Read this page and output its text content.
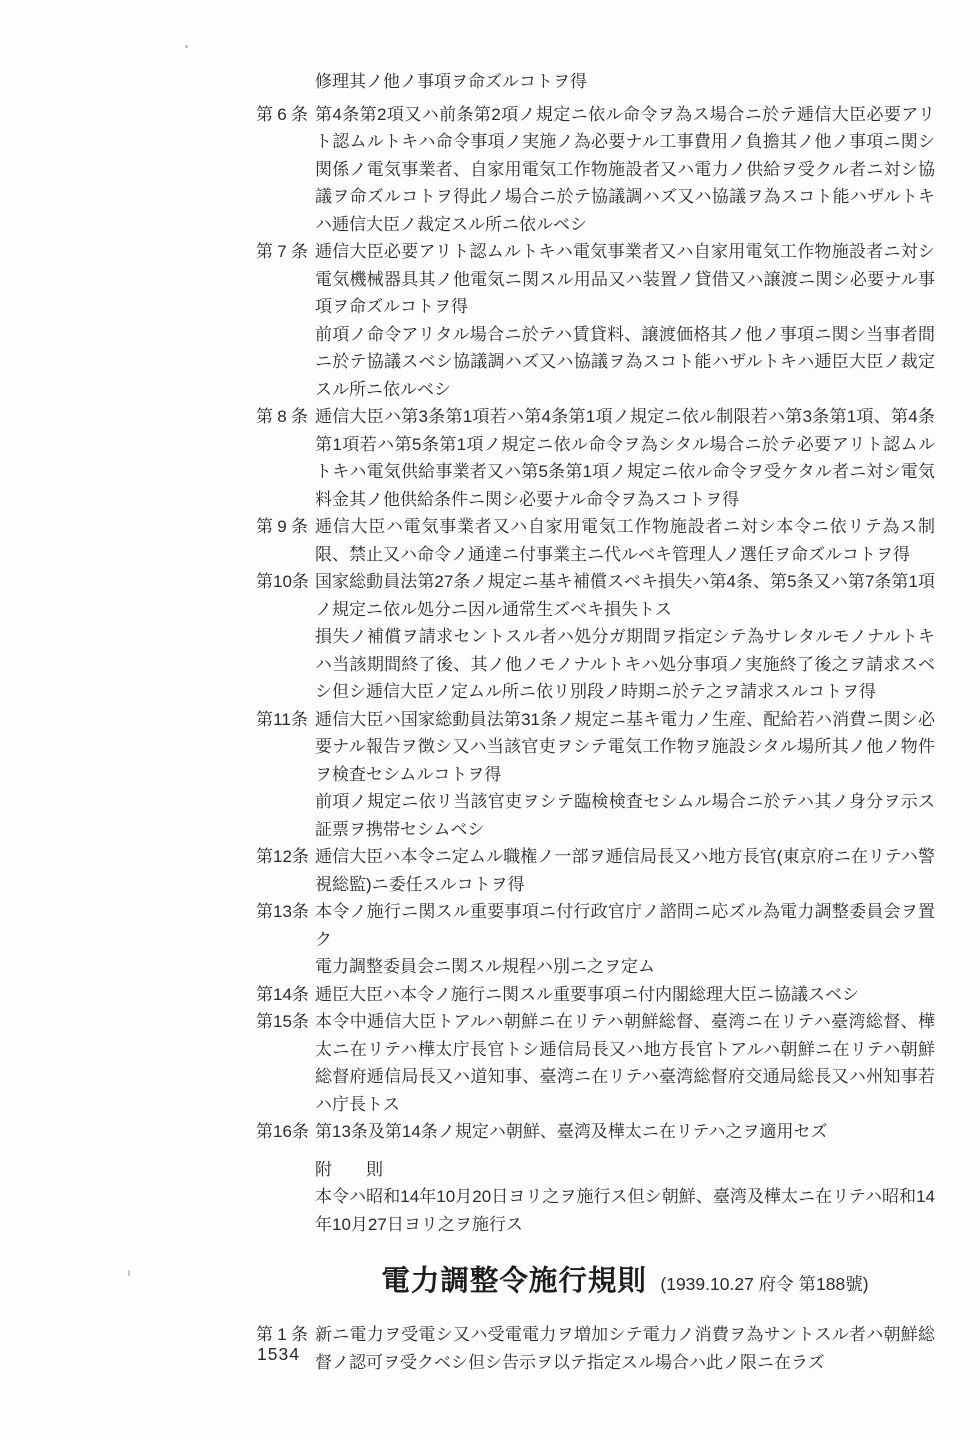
修理其ノ他ノ事項ヲ命ズルコトヲ得

第6条 第4条第2項又ハ前条第2項ノ規定ニ依ル命令ヲ為ス場合ニ於テ逓信大臣必要アリト認ムルトキハ命令事項ノ実施ノ為必要ナル工事費用ノ負擔其ノ他ノ事項ニ関シ関係ノ電気事業者、自家用電気工作物施設者又ハ電力ノ供給ヲ受クル者ニ対シ協議ヲ命ズルコトヲ得此ノ場合ニ於テ協議調ハズ又ハ協議ヲ為スコト能ハザルトキハ逓信大臣ノ裁定スル所ニ依ルベシ

第7条 逓信大臣必要アリト認ムルトキハ電気事業者又ハ自家用電気工作物施設者ニ対シ電気機械器具其ノ他電気ニ関スル用品又ハ装置ノ貸借又ハ譲渡ニ関シ必要ナル事項ヲ命ズルコトヲ得

前項ノ命令アリタル場合ニ於テハ賃貸料、譲渡価格其ノ他ノ事項ニ関シ当事者間ニ於テ協議スベシ協議調ハズ又ハ協議ヲ為スコト能ハザルトキハ逓臣大臣ノ裁定スル所ニ依ルベシ

第8条 逓信大臣ハ第3条第1項若ハ第4条第1項ノ規定ニ依ル制限若ハ第3条第1項、第4条第1項若ハ第5条第1項ノ規定ニ依ル命令ヲ為シタル場合ニ於テ必要アリト認ムルトキハ電気供給事業者又ハ第5条第1項ノ規定ニ依ル命令ヲ受ケタル者ニ対シ電気料金其ノ他供給条件ニ関シ必要ナル命令ヲ為スコトヲ得

第9条 逓信大臣ハ電気事業者又ハ自家用電気工作物施設者ニ対シ本令ニ依リテ為ス制限、禁止又ハ命令ノ通達ニ付事業主ニ代ルベキ管理人ノ選任ヲ命ズルコトヲ得

第10条 国家総動員法第27条ノ規定ニ基キ補償スベキ損失ハ第4条、第5条又ハ第7条第1項ノ規定ニ依ル処分ニ因ル通常生ズベキ損失トス

損失ノ補償ヲ請求セントスル者ハ処分ガ期間ヲ指定シテ為サレタルモノナルトキハ当該期間終了後、其ノ他ノモノナルトキハ処分事項ノ実施終了後之ヲ請求スベシ但シ逓信大臣ノ定ムル所ニ依リ別段ノ時期ニ於テ之ヲ請求スルコトヲ得

第11条 逓信大臣ハ国家総動員法第31条ノ規定ニ基キ電力ノ生産、配給若ハ消費ニ関シ必要ナル報告ヲ徴シ又ハ当該官吏ヲシテ電気工作物ヲ施設シタル場所其ノ他ノ物件ヲ検査セシムルコトヲ得

前項ノ規定ニ依リ当該官吏ヲシテ臨検検査セシムル場合ニ於テハ其ノ身分ヲ示ス証票ヲ携帯セシムベシ

第12条 逓信大臣ハ本令ニ定ムル職権ノ一部ヲ逓信局長又ハ地方長官(東京府ニ在リテハ警視総監)ニ委任スルコトヲ得

第13条 本令ノ施行ニ関スル重要事項ニ付行政官庁ノ諮問ニ応ズル為電力調整委員会ヲ置ク

電力調整委員会ニ関スル規程ハ別ニ之ヲ定ム

第14条 逓臣大臣ハ本令ノ施行ニ関スル重要事項ニ付内閣総理大臣ニ協議スベシ

第15条 本令中逓信大臣トアルハ朝鮮ニ在リテハ朝鮮総督、臺湾ニ在リテハ臺湾総督、樺太ニ在リテハ樺太庁長官トシ逓信局長又ハ地方長官トアルハ朝鮮ニ在リテハ朝鮮総督府逓信局長又ハ道知事、臺湾ニ在リテハ臺湾総督府交通局総長又ハ州知事若ハ庁長トス

第16条 第13条及第14条ノ規定ハ朝鮮、臺湾及樺太ニ在リテハ之ヲ適用セズ

附　　則

本令ハ昭和14年10月20日ヨリ之ヲ施行ス但シ朝鮮、臺湾及樺太ニ在リテハ昭和14年10月27日ヨリ之ヲ施行ス

電力調整令施行規則 (1939.10.27 府令 第188號)
第1条 新ニ電力ヲ受電シ又ハ受電電力ヲ増加シテ電力ノ消費ヲ為サントスル者ハ朝鮮総督ノ認可ヲ受クベシ但シ告示ヲ以テ指定スル場合ハ此ノ限ニ在ラズ

1534
